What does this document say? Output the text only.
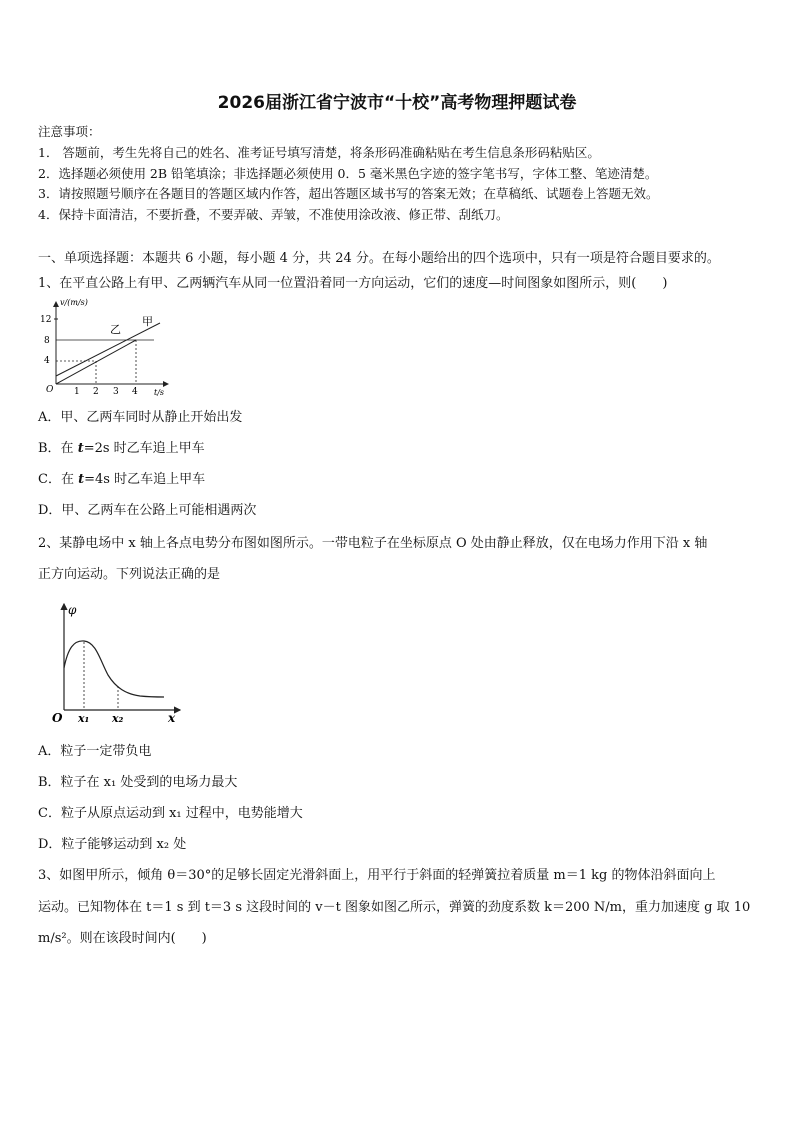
2026届浙江省宁波市“十校”高考物理押题试卷
注意事项：
1． 答题前，考生先将自己的姓名、准考证号填写清楚，将条形码准确粘贴在考生信息条形码粘贴区。
2．选择题必须使用 2B 铅笔填涂；非选择题必须使用 0．5 毫米黑色字迹的签字笔书写，字体工整、笔迹清楚。
3．请按照题号顺序在各题目的答题区域内作答，超出答题区域书写的答案无效；在草稿纸、试题卷上答题无效。
4．保持卡面清洁，不要折叠，不要弄破、弄皱，不准使用涂改液、修正带、刮纸刀。
一、单项选择题：本题共 6 小题，每小题 4 分，共 24 分。在每小题给出的四个选项中，只有一项是符合题目要求的。
1、在平直公路上有甲、乙两辆汽车从同一位置沿着同一方向运动，它们的速度—时间图象如图所示，则(　　)
v/(m/s)
t/s
O
12
8
4
1 2 3 4
乙
甲
A．甲、乙两车同时从静止开始出发
B．在 t=2s 时乙车追上甲车
C．在 t=4s 时乙车追上甲车
D．甲、乙两车在公路上可能相遇两次
2、某静电场中 x 轴上各点电势分布图如图所示。一带电粒子在坐标原点 O 处由静止释放，仅在电场力作用下沿 x 轴
正方向运动。下列说法正确的是
φ
x
O x₁ x₂
A．粒子一定带负电
B．粒子在 x₁ 处受到的电场力最大
C．粒子从原点运动到 x₁ 过程中，电势能增大
D．粒子能够运动到 x₂ 处
3、如图甲所示，倾角 θ＝30°的足够长固定光滑斜面上，用平行于斜面的轻弹簧拉着质量 m＝1 kg 的物体沿斜面向上
运动。已知物体在 t＝1 s 到 t＝3 s 这段时间的 v－t 图象如图乙所示，弹簧的劲度系数 k＝200 N/m，重力加速度 g 取 10
m/s²。则在该段时间内(　　)
